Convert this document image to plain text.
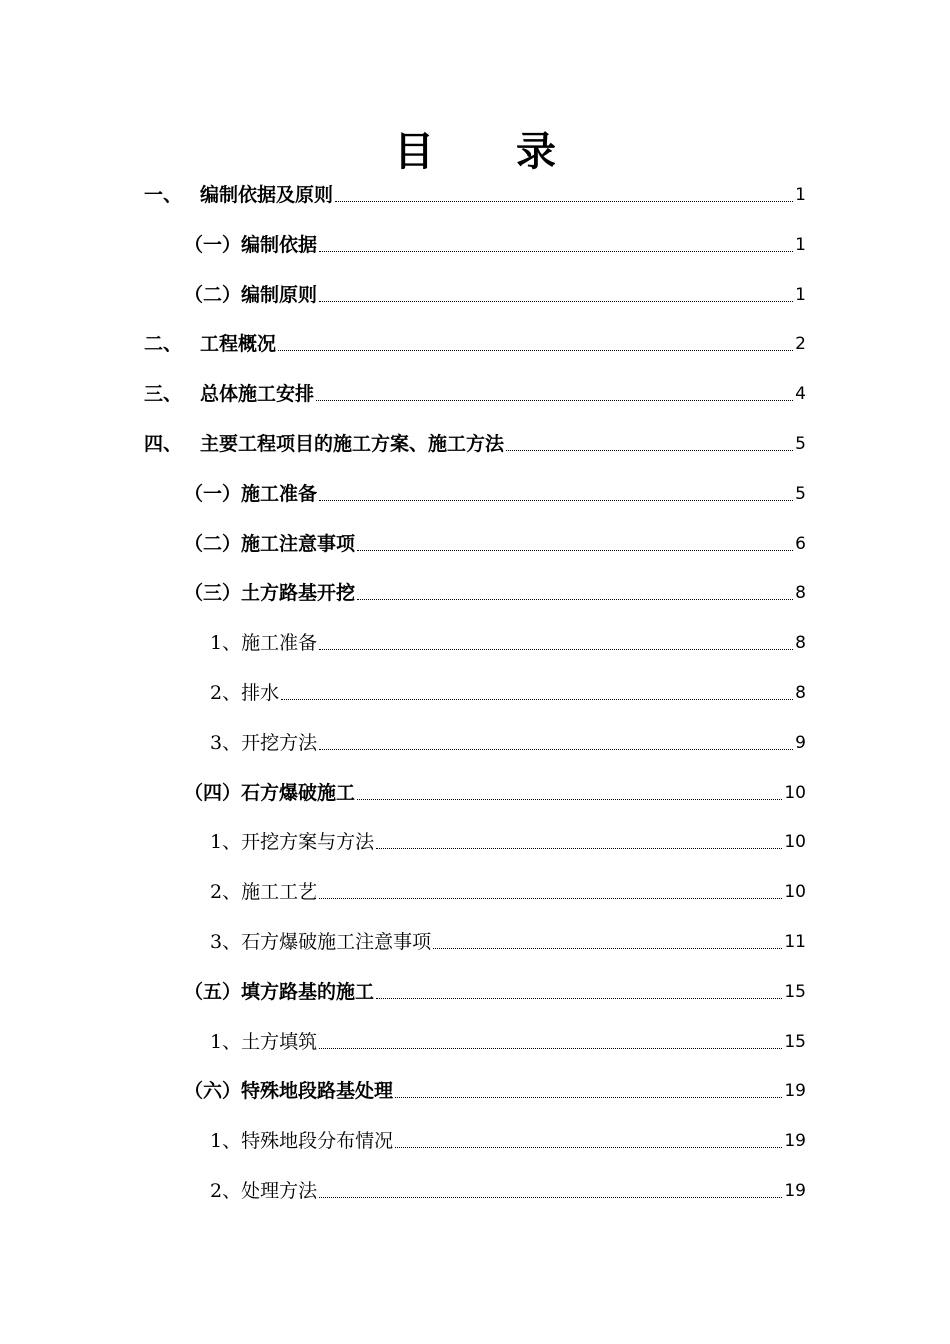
目 录
一、 编制依据及原则	1
（一） 编制依据	1
（二） 编制原则	1
二、 工程概况	2
三、 总体施工安排	4
四、 主要工程项目的施工方案、施工方法	5
（一） 施工准备	5
（二） 施工注意事项	6
（三） 土方路基开挖	8
1、 施工准备	8
2、 排水	8
3、 开挖方法	9
（四） 石方爆破施工	10
1、 开挖方案与方法	10
2、 施工工艺	10
3、 石方爆破施工注意事项	11
（五） 填方路基的施工	15
1、 土方填筑	15
（六） 特殊地段路基处理	19
1、 特殊地段分布情况	19
2、 处理方法	19
